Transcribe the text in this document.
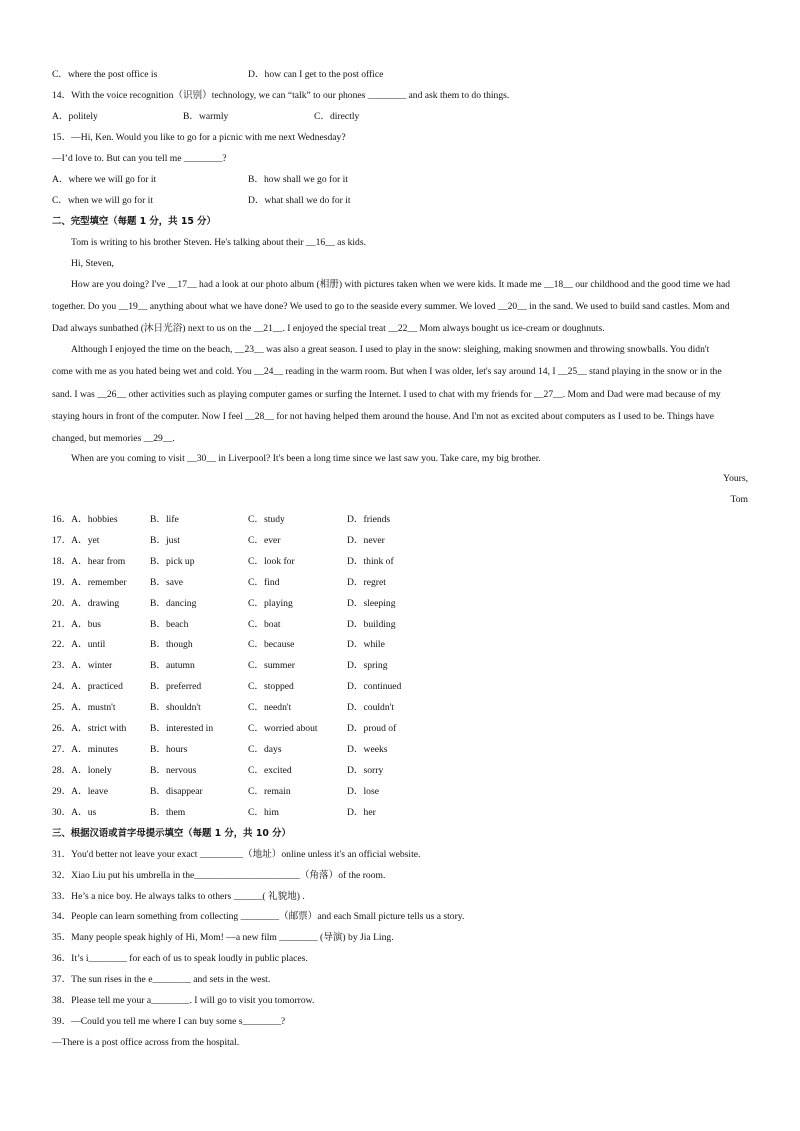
C．where the post office is	D．how can I get to the post office
14．With the voice recognition（识别）technology, we can “talk” to our phones ________ and ask them to do things.
A．politely	B．warmly	C．directly
15．—Hi, Ken. Would you like to go for a picnic with me next Wednesday?
—I’d love to. But can you tell me ________?
A．where we will go for it	B．how shall we go for it
C．when we will go for it	D．what shall we do for it
二、完型填空（每题 1 分，共 15 分）
Tom is writing to his brother Steven. He's talking about their __16__ as kids.
Hi, Steven,
How are you doing? I've __17__ had a look at our photo album (相册) with pictures taken when we were kids. It made me __18__ our childhood and the good time we had
together. Do you __19__ anything about what we have done? We used to go to the seaside every summer. We loved __20__ in the sand. We used to build sand castles. Mom and
Dad always sunbathed (沐日光浴) next to us on the __21__. I enjoyed the special treat __22__ Mom always bought us ice-cream or doughnuts.
Although I enjoyed the time on the beach, __23__ was also a great season. I used to play in the snow: sleighing, making snowmen and throwing snowballs. You didn't
come with me as you hated being wet and cold. You __24__ reading in the warm room. But when I was older, let's say around 14, I __25__ stand playing in the snow or in the
sand. I was __26__ other activities such as playing computer games or surfing the Internet. I used to chat with my friends for __27__. Mom and Dad were mad because of my
staying hours in front of the computer. Now I feel __28__ for not having helped them around the house. And I'm not as excited about computers as I used to be. Things have
changed, but memories __29__.
When are you coming to visit __30__ in Liverpool? It's been a long time since we last saw you. Take care, my big brother.
Yours,
Tom
16．A．hobbies	B．life	C．study	D．friends
17．A．yet	B．just	C．ever	D．never
18．A．hear from	B．pick up	C．look for	D．think of
19．A．remember B．save	C．find	D．regret
20．A．drawing	B．dancing	C．playing	D．sleeping
21．A．bus	B．beach	C．boat	D．building
22．A．until	B．though	C．because	D．while
23．A．winter	B．autumn	C．summer	D．spring
24．A．practiced	B．preferred	C．stopped	D．continued
25．A．mustn't	B．shouldn't	C．needn't	D．couldn't
26．A．strict with B．interested in	C．worried about	D．proud of
27．A．minutes	B．hours	C．days	D．weeks
28．A．lonely	B．nervous	C．excited	D．sorry
29．A．leave	B．disappear	C．remain	D．lose
30．A．us	B．them	C．him	D．her
三、根据汉语或首字母提示填空（每题 1 分，共 10 分）
31．You'd better not leave your exact _________（地址）online unless it's an official website.
32．Xiao Liu put his umbrella in the______________________（角落）of the room.
33．He’s a nice boy. He always talks to others ______( 礼貌地) .
34．People can learn something from collecting ________（邮票）and each Small picture tells us a story.
35．Many people speak highly of Hi, Mom! —a new film ________ (导演) by Jia Ling.
36．It’s i________ for each of us to speak loudly in public places.
37．The sun rises in the e________ and sets in the west.
38．Please tell me your a________. I will go to visit you tomorrow.
39．—Could you tell me where I can buy some s________?
—There is a post office across from the hospital.
